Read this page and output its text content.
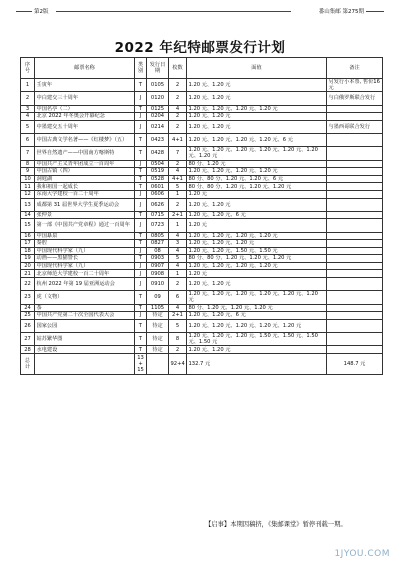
第2版	番山集邮 第275期
2022 年纪特邮票发行计划
序号	邮票名称	类别	发行日期	枚数	面值	备注
1	壬寅年	T	0105	2	1.20 元、1.20 元	另发行小本票, 售价16元
2	中白建交三十周年	J	0120	2	1.20 元、1.20 元	与白俄罗斯联合发行
3	中国名亭（二）	T	0125	4	1.20 元、1.20 元、1.20 元、1.20 元	
4	北京 2022 年冬奥会开幕纪念	J	0204	2	1.20 元、1.20 元	
5	中墨建交五十周年	J	0214	2	1.20 元、1.20 元	与墨西哥联合发行
6	中国古典文学名著——《红楼梦》（五）	T	0423	4+1	1.20 元、1.20 元、1.20 元、1.20 元、6 元	
7	世界自然遗产——中国南方喀斯特	T	0428	7	1.20 元、1.20 元、1.20 元、1.20 元、1.20 元、1.20 元、1.20 元	
8	中国共产主义青年团成立一百周年	J	0504	2	80 分、1.20 元	
9	中国古镇（四）	T	0519	4	1.20 元、1.20 元、1.20 元、1.20 元	
10	洞庭湖	T	0528	4+1	80 分、80 分、1.20 元、1.20 元、6 元	
11	我和祖国一起成长	T	0601	5	80 分、80 分、1.20 元、1.20 元、1.20 元	
12	东南大学建校一百二十周年	J	0606	1	1.20 元	
13	成都第 31 届世界大学生夏季运动会	J	0626	2	1.20 元、1.20 元	
14	张仲景	T	0715	2+1	1.20 元、1.20 元、6 元	
15	第一部《中国共产党章程》通过一百周年	J	0723	1	1.20 元	
16	中国暴泉	T	0805	4	1.20 元、1.20 元、1.20 元、1.20 元	
17	秦腔	T	0827	3	1.20 元、1.20 元、1.20 元	
18	中国现代科学家（九）	J	08	4	1.20 元、1.20 元、1.50 元、1.50 元	
19	动画——黑猫警长	T	0903	5	80 分、80 分、1.20 元、1.20 元、1.20 元	
20	中国现代科学家（九）	J	0907	4	1.20 元、1.20 元、1.20 元、1.20 元	
21	北京师范大学建校一百二十周年	J	0908	1	1.20 元	
22	杭州 2022 年第 19 届亚洲运动会	J	0910	2	1.20 元、1.20 元	
23	虎（文物）	T	09	6	1.20 元、1.20 元、1.20 元、1.20 元、1.20 元、1.20 元	
24	茶	T	1105	4	80 分、1.20 元、1.20 元、1.20 元	
25	中国共产党第二十次全国代表大会	J	待定	2+1	1.20 元、1.20 元、6 元	
26	国家公园	T	待定	5	1.20 元、1.20 元、1.20 元、1.20 元、1.20 元	
27	姑苏繁华图	T	待定	8	1.20 元、1.20 元、1.20 元、1.50 元、1.50 元、1.50 元、1.50 元	
28	水电建设	T	待定	2	1.20 元、1.20 元	
总计		13 + 15		92+4	132.7 元	148.7 元
【启事】本期因稿挤，《集邮课堂》暂停刊载一期。
1JYOU.COM
